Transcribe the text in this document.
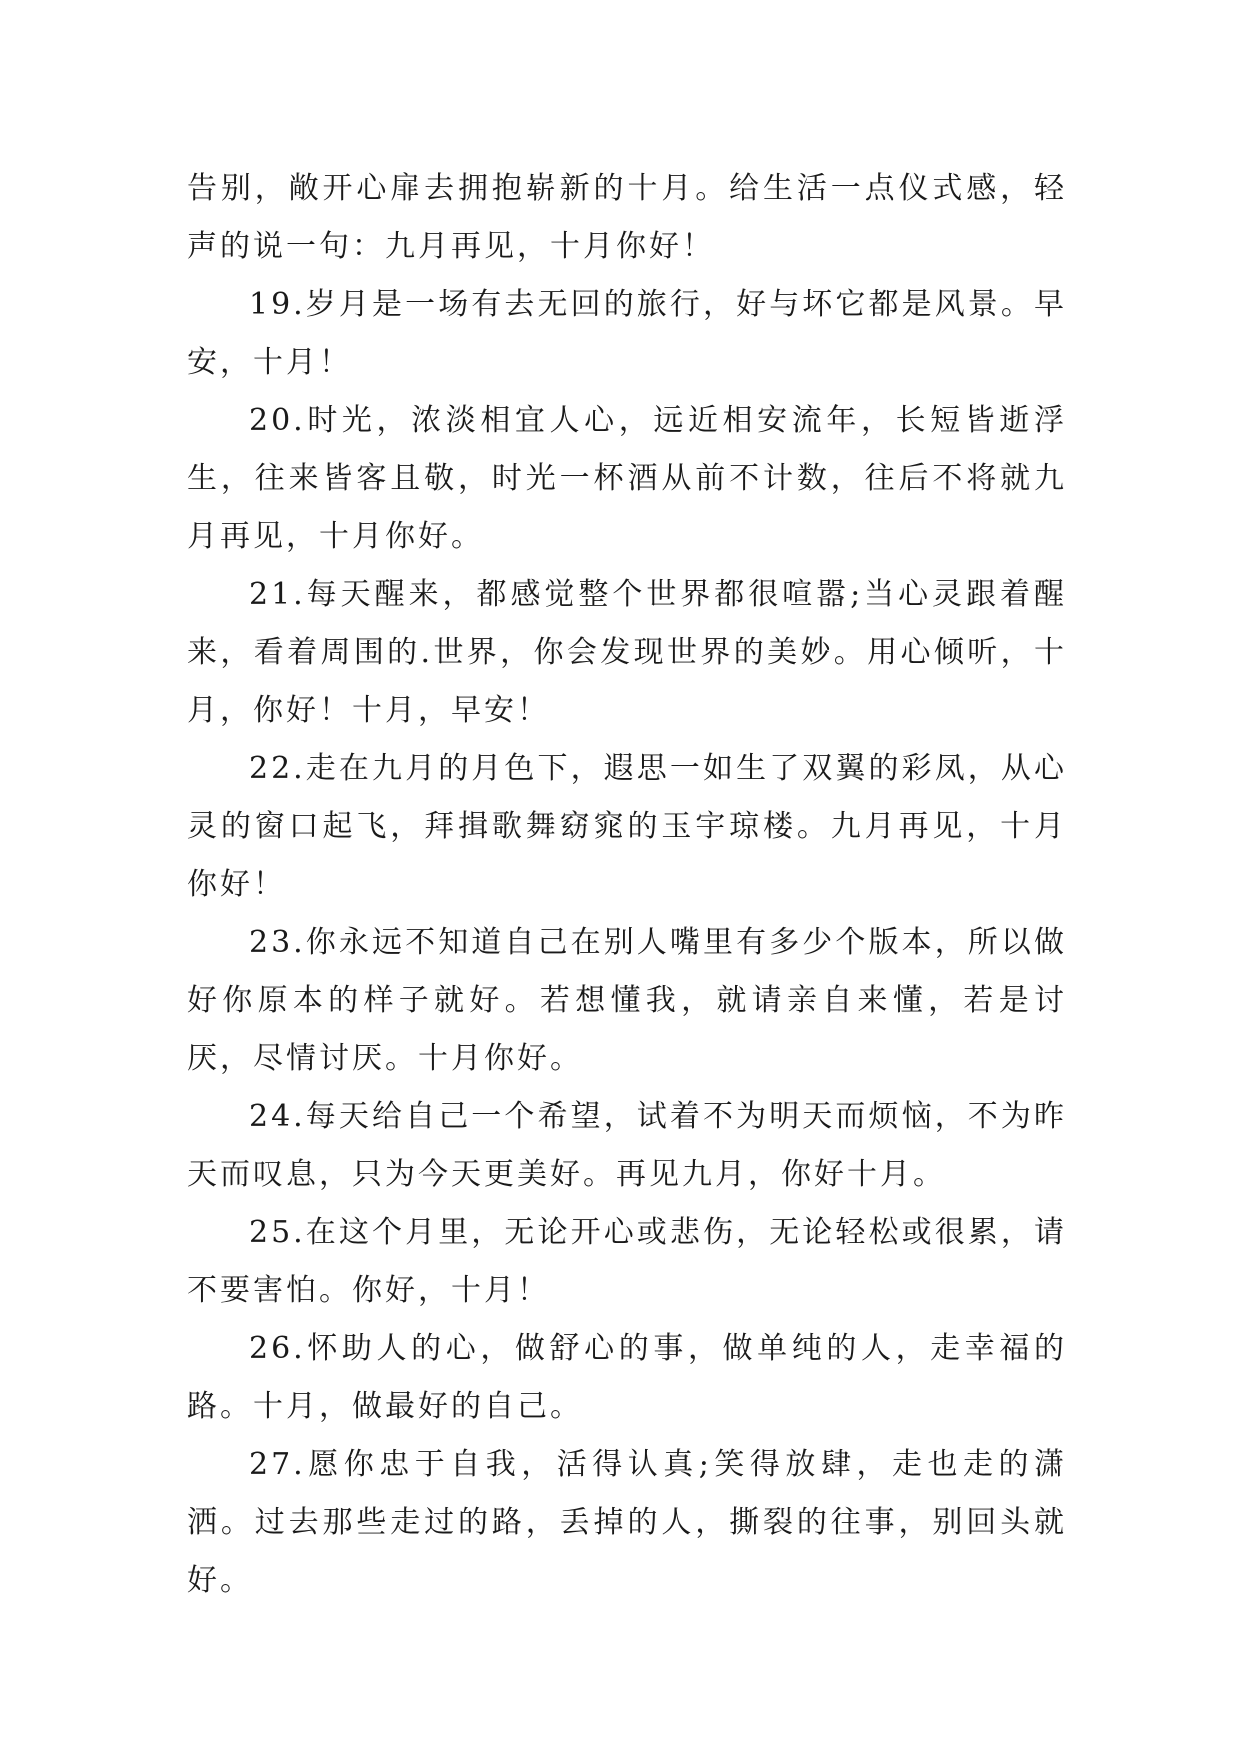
告别，敞开心扉去拥抱崭新的十月。给生活一点仪式感，轻声的说一句：九月再见，十月你好！

19.岁月是一场有去无回的旅行，好与坏它都是风景。早安，十月！

20.时光，浓淡相宜人心，远近相安流年，长短皆逝浮生，往来皆客且敬，时光一杯酒从前不计数，往后不将就九月再见，十月你好。

21.每天醒来，都感觉整个世界都很喧嚣;当心灵跟着醒来，看着周围的.世界，你会发现世界的美妙。用心倾听，十月，你好！十月，早安！

22.走在九月的月色下，遐思一如生了双翼的彩凤，从心灵的窗口起飞，拜揖歌舞窈窕的玉宇琼楼。九月再见，十月你好！

23.你永远不知道自己在别人嘴里有多少个版本，所以做好你原本的样子就好。若想懂我，就请亲自来懂，若是讨厌，尽情讨厌。十月你好。

24.每天给自己一个希望，试着不为明天而烦恼，不为昨天而叹息，只为今天更美好。再见九月，你好十月。

25.在这个月里，无论开心或悲伤，无论轻松或很累，请不要害怕。你好，十月！

26.怀助人的心，做舒心的事，做单纯的人，走幸福的路。十月，做最好的自己。

27.愿你忠于自我，活得认真;笑得放肆，走也走的潇洒。过去那些走过的路，丢掉的人，撕裂的往事，别回头就好。
